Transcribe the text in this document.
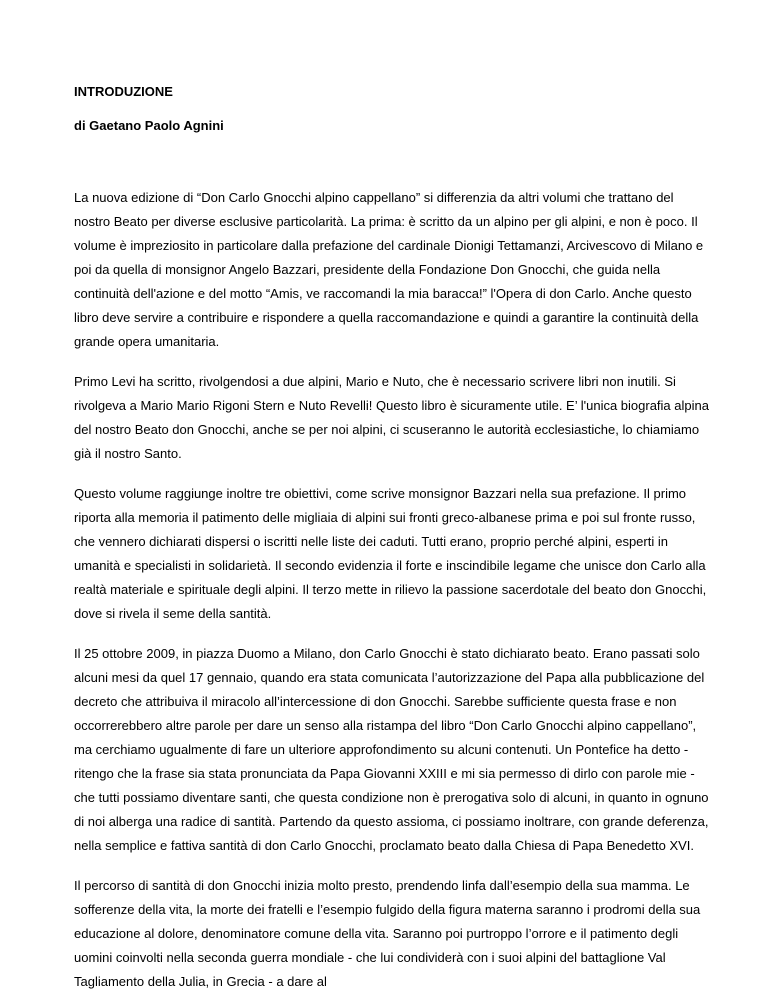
INTRODUZIONE

di Gaetano Paolo Agnini

La nuova edizione di “Don Carlo Gnocchi alpino cappellano” si differenzia da altri volumi che trattano del nostro Beato per diverse esclusive particolarità. La prima: è scritto da un alpino per gli alpini, e non è poco. Il volume è impreziosito in particolare dalla prefazione del cardinale Dionigi Tettamanzi, Arcivescovo di Milano e poi da quella di monsignor Angelo Bazzari, presidente della Fondazione Don Gnocchi, che guida nella continuità dell'azione e del motto “Amis, ve raccomandi la mia baracca!” l'Opera di don Carlo. Anche questo libro deve servire a contribuire e rispondere a quella raccomandazione e quindi a garantire la continuità della grande opera umanitaria.

Primo Levi ha scritto, rivolgendosi a due alpini, Mario e Nuto, che è necessario scrivere libri non inutili. Si rivolgeva a Mario Mario Rigoni Stern e Nuto Revelli! Questo libro è sicuramente utile. E’ l'unica biografia alpina del nostro Beato don Gnocchi, anche se per noi alpini, ci scuseranno le autorità ecclesiastiche, lo chiamiamo già il nostro Santo.

Questo volume raggiunge inoltre tre obiettivi, come scrive monsignor Bazzari nella sua prefazione. Il primo riporta alla memoria il patimento delle migliaia di alpini sui fronti greco-albanese prima e poi sul fronte russo, che vennero dichiarati dispersi o iscritti nelle liste dei caduti. Tutti erano, proprio perché alpini, esperti in umanità e specialisti in solidarietà. Il secondo evidenzia il forte e inscindibile legame che unisce don Carlo alla realtà materiale e spirituale degli alpini. Il terzo mette in rilievo la passione sacerdotale del beato don Gnocchi, dove si rivela il seme della santità.

Il 25 ottobre 2009, in piazza Duomo a Milano, don Carlo Gnocchi è stato dichiarato beato. Erano passati solo alcuni mesi da quel 17 gennaio, quando era stata comunicata l’autorizzazione del Papa alla pubblicazione del decreto che attribuiva il miracolo all’intercessione di don Gnocchi. Sarebbe sufficiente questa frase e non occorrerebbero altre parole per dare un senso alla ristampa del libro “Don Carlo Gnocchi alpino cappellano”, ma cerchiamo ugualmente di fare un ulteriore approfondimento su alcuni contenuti. Un Pontefice ha detto - ritengo che la frase sia stata pronunciata da Papa Giovanni XXIII e mi sia permesso di dirlo con parole mie - che tutti possiamo diventare santi, che questa condizione non è prerogativa solo di alcuni, in quanto in ognuno di noi alberga una radice di santità. Partendo da questo assioma, ci possiamo inoltrare, con grande deferenza, nella semplice e fattiva santità di don Carlo Gnocchi, proclamato beato dalla Chiesa di Papa Benedetto XVI.

Il percorso di santità di don Gnocchi inizia molto presto, prendendo linfa dall’esempio della sua mamma. Le sofferenze della vita, la morte dei fratelli e l’esempio fulgido della figura materna saranno i prodromi della sua educazione al dolore, denominatore comune della vita. Saranno poi purtroppo l’orrore e il patimento degli uomini coinvolti nella seconda guerra mondiale - che lui condividerà con i suoi alpini del battaglione Val Tagliamento della Julia, in Grecia - a dare al
